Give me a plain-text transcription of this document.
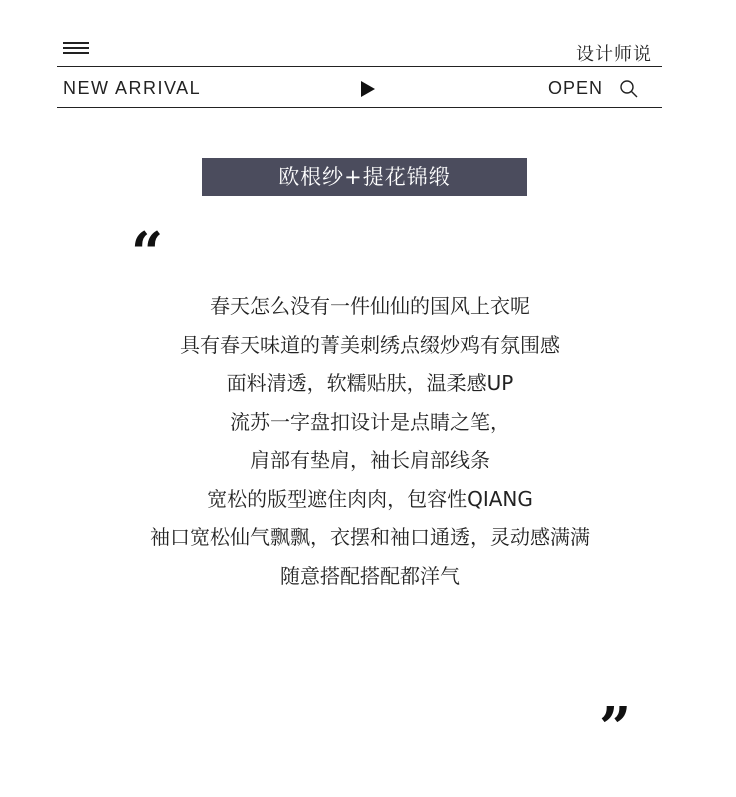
设计师说
NEW ARRIVAL	OPEN
欧根纱+提花锦缎
“
春天怎么没有一件仙仙的国风上衣呢
具有春天味道的菁美刺绣点缀炒鸡有氛围感
面料清透，软糯贴肤，温柔感UP
流苏一字盘扣设计是点睛之笔，
肩部有垫肩，袖长肩部线条
宽松的版型遮住肉肉，包容性QIANG
袖口宽松仙气飘飘，衣摆和袖口通透，灵动感满满
随意搭配搭配都洋气
”
